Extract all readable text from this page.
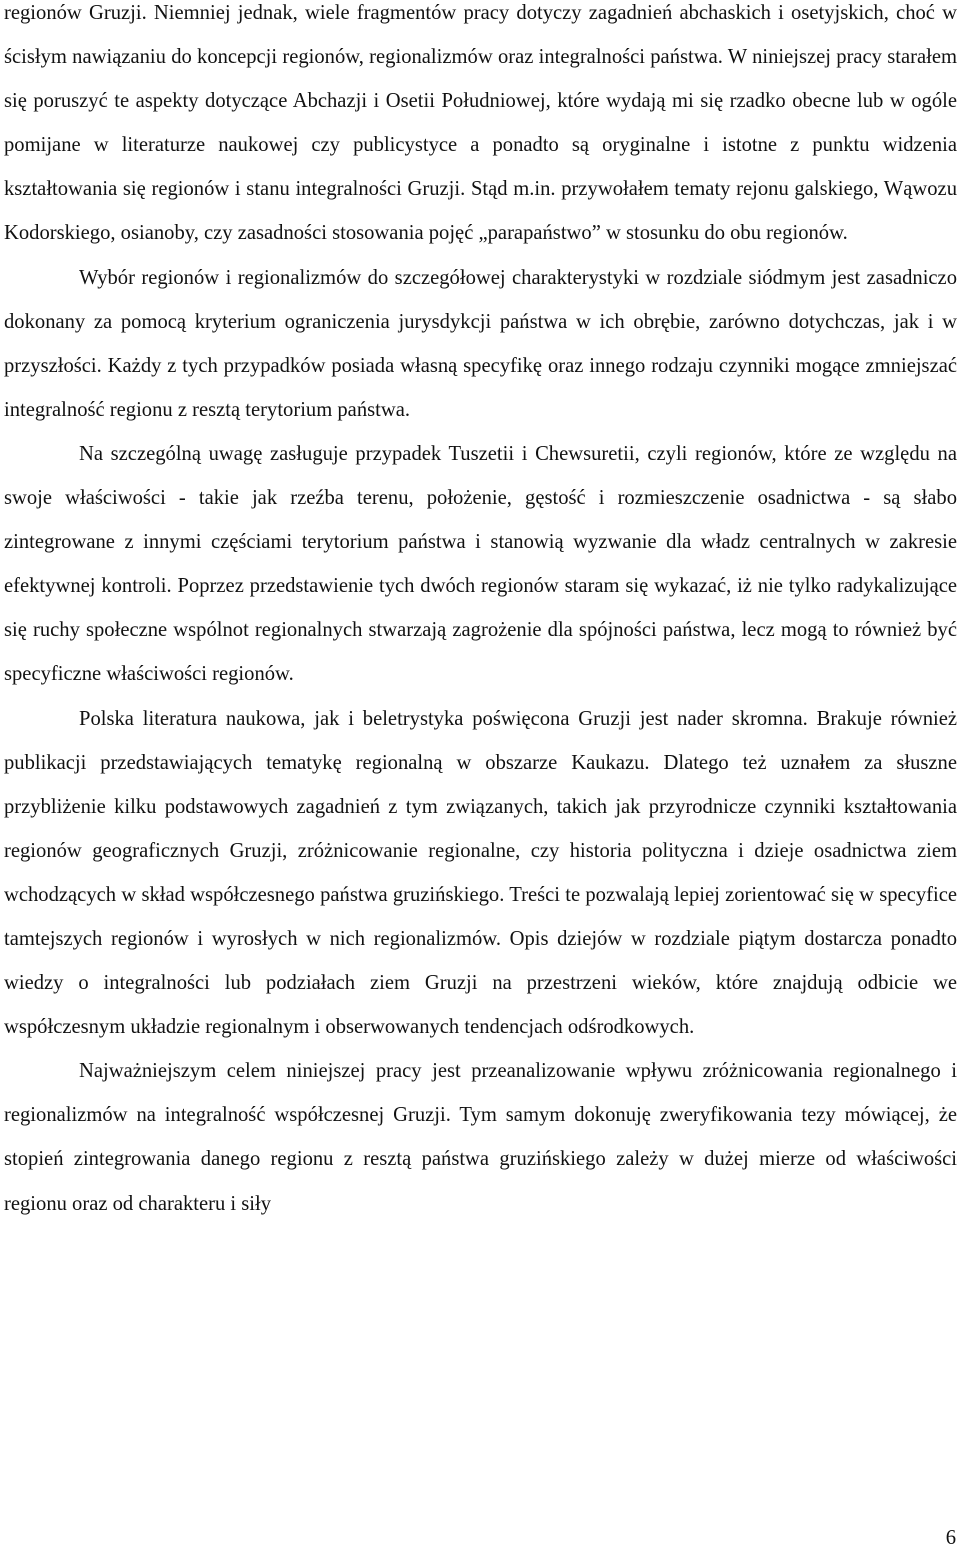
regionów Gruzji. Niemniej jednak, wiele fragmentów pracy dotyczy zagadnień abchaskich i osetyjskich, choć w ścisłym nawiązaniu do koncepcji regionów, regionalizmów oraz integralności państwa. W niniejszej pracy starałem się poruszyć te aspekty dotyczące Abchazji i Osetii Południowej, które wydają mi się rzadko obecne lub w ogóle pomijane w literaturze naukowej czy publicystyce a ponadto są oryginalne i istotne z punktu widzenia kształtowania się regionów i stanu integralności Gruzji. Stąd m.in. przywołałem tematy rejonu galskiego, Wąwozu Kodorskiego, osianoby, czy zasadności stosowania pojęć „parapaństwo” w stosunku do obu regionów.

Wybór regionów i regionalizmów do szczegółowej charakterystyki w rozdziale siódmym jest zasadniczo dokonany za pomocą kryterium ograniczenia jurysdykcji państwa w ich obrębie, zarówno dotychczas, jak i w przyszłości. Każdy z tych przypadków posiada własną specyfikę oraz innego rodzaju czynniki mogące zmniejszać integralność regionu z resztą terytorium państwa.

Na szczególną uwagę zasługuje przypadek Tuszetii i Chewsuretii, czyli regionów, które ze względu na swoje właściwości - takie jak rzeźba terenu, położenie, gęstość i rozmieszczenie osadnictwa - są słabo zintegrowane z innymi częściami terytorium państwa i stanowią wyzwanie dla władz centralnych w zakresie efektywnej kontroli. Poprzez przedstawienie tych dwóch regionów staram się wykazać, iż nie tylko radykalizujące się ruchy społeczne wspólnot regionalnych stwarzają zagrożenie dla spójności państwa, lecz mogą to również być specyficzne właściwości regionów.

Polska literatura naukowa, jak i beletrystyka poświęcona Gruzji jest nader skromna. Brakuje również publikacji przedstawiających tematykę regionalną w obszarze Kaukazu. Dlatego też uznałem za słuszne przybliżenie kilku podstawowych zagadnień z tym związanych, takich jak przyrodnicze czynniki kształtowania regionów geograficznych Gruzji, zróżnicowanie regionalne, czy historia polityczna i dzieje osadnictwa ziem wchodzących w skład współczesnego państwa gruzińskiego. Treści te pozwalają lepiej zorientować się w specyfice tamtejszych regionów i wyrosłych w nich regionalizmów. Opis dziejów w rozdziale piątym dostarcza ponadto wiedzy o integralności lub podziałach ziem Gruzji na przestrzeni wieków, które znajdują odbicie we współczesnym układzie regionalnym i obserwowanych tendencjach odśrodkowych.

Najważniejszym celem niniejszej pracy jest przeanalizowanie wpływu zróżnicowania regionalnego i regionalizmów na integralność współczesnej Gruzji. Tym samym dokonuję zweryfikowania tezy mówiącej, że stopień zintegrowania danego regionu z resztą państwa gruzińskiego zależy w dużej mierze od właściwości regionu oraz od charakteru i siły

6
